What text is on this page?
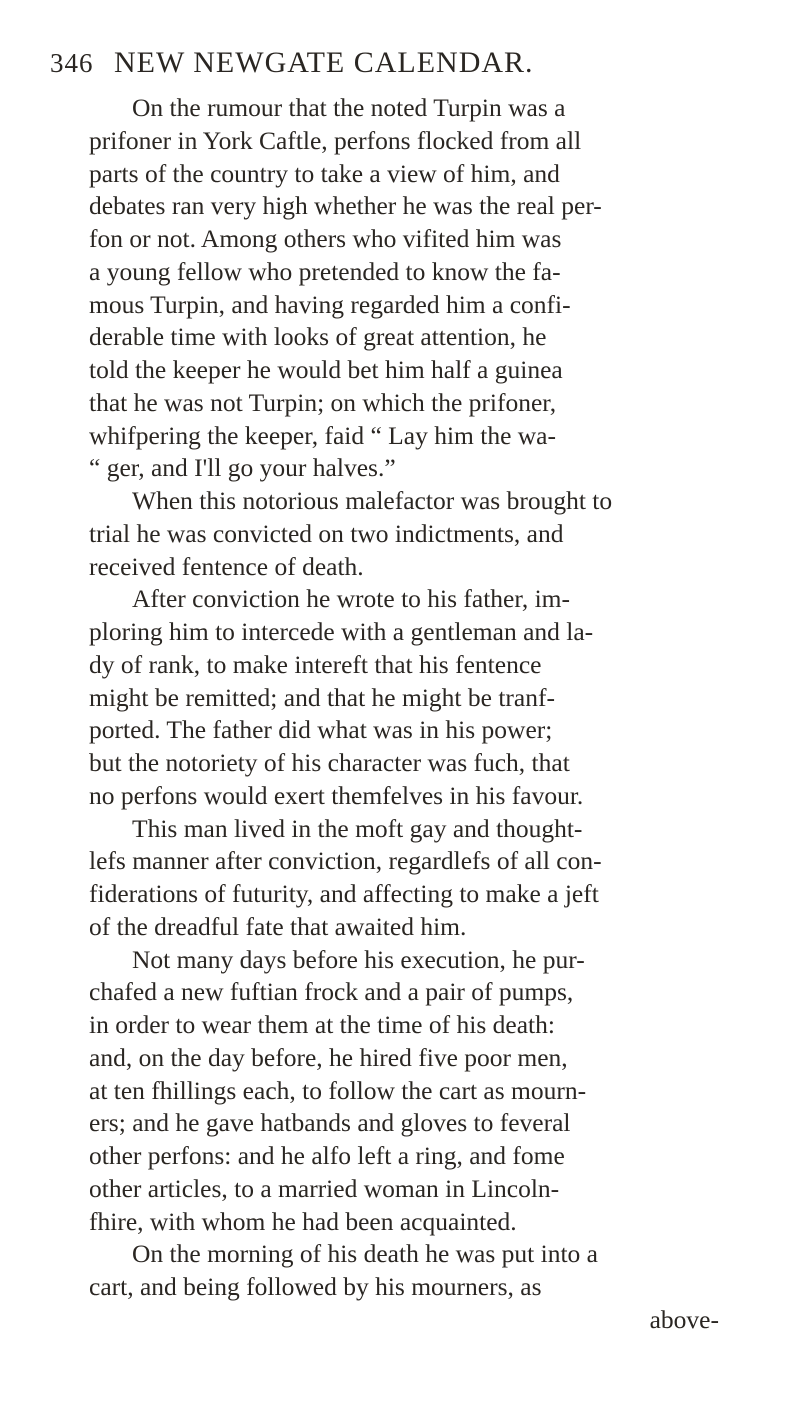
346 NEW NEWGATE CALENDAR.
On the rumour that the noted Turpin was a
prifoner in York Caftle, perfons flocked from all
parts of the country to take a view of him, and
debates ran very high whether he was the real per-
fon or not. Among others who vifited him was
a young fellow who pretended to know the fa-
mous Turpin, and having regarded him a confi-
derable time with looks of great attention, he
told the keeper he would bet him half a guinea
that he was not Turpin; on which the prifoner,
whifpering the keeper, faid “ Lay him the wa-
“ ger, and I'll go your halves.”
When this notorious malefactor was brought to
trial he was convicted on two indictments, and
received fentence of death.
After conviction he wrote to his father, im-
ploring him to intercede with a gentleman and la-
dy of rank, to make intereft that his fentence
might be remitted; and that he might be tranf-
ported. The father did what was in his power;
but the notoriety of his character was fuch, that
no perfons would exert themfelves in his favour.
This man lived in the moft gay and thought-
lefs manner after conviction, regardlefs of all con-
fiderations of futurity, and affecting to make a jeft
of the dreadful fate that awaited him.
Not many days before his execution, he pur-
chafed a new fuftian frock and a pair of pumps,
in order to wear them at the time of his death:
and, on the day before, he hired five poor men,
at ten fhillings each, to follow the cart as mourn-
ers; and he gave hatbands and gloves to feveral
other perfons: and he alfo left a ring, and fome
other articles, to a married woman in Lincoln-
fhire, with whom he had been acquainted.
On the morning of his death he was put into a
cart, and being followed by his mourners, as
above-
